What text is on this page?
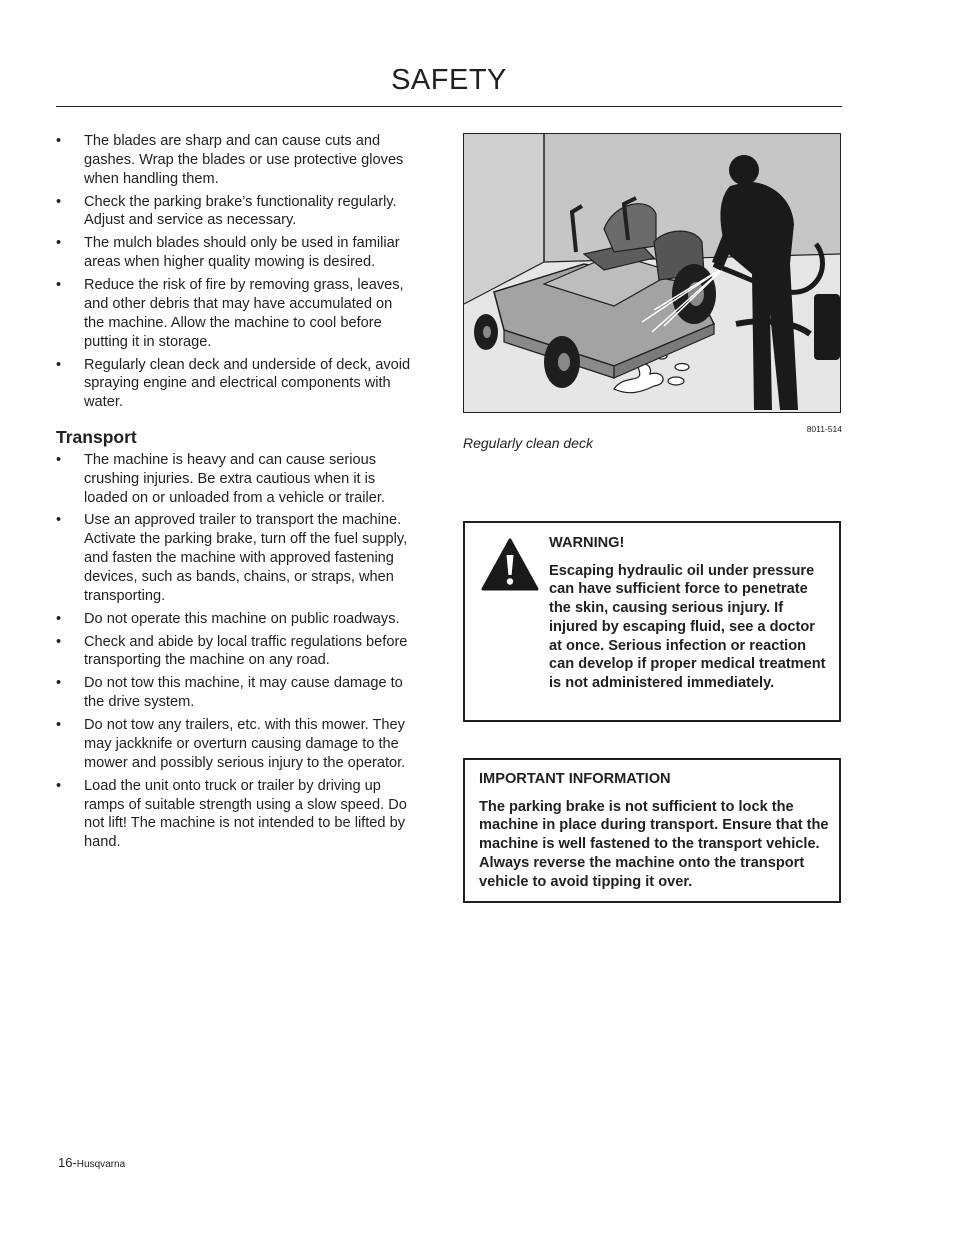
SAFETY
• The blades are sharp and can cause cuts and gashes. Wrap the blades or use protective gloves when handling them.
• Check the parking brake’s functionality regularly. Adjust and service as necessary.
• The mulch blades should only be used in familiar areas when higher quality mowing is desired.
• Reduce the risk of fire by removing grass, leaves, and other debris that may have accumulated on the machine. Allow the machine to cool before putting it in storage.
• Regularly clean deck and underside of deck, avoid spraying engine and electrical components with water.
Transport
• The machine is heavy and can cause serious crushing injuries. Be extra cautious when it is loaded on or unloaded from a vehicle or trailer.
• Use an approved trailer to transport the machine. Activate the parking brake, turn off the fuel supply, and fasten the machine with approved fastening devices, such as bands, chains, or straps, when transporting.
• Do not operate this machine on public roadways.
• Check and abide by local traffic regulations before transporting the machine on any road.
• Do not tow this machine, it may cause damage to the drive system.
• Do not tow any trailers, etc. with this mower. They may jackknife or overturn causing damage to the mower and possibly serious injury to the operator.
• Load the unit onto truck or trailer by driving up ramps of suitable strength using a slow speed. Do not lift! The machine is not intended to be lifted by hand.
8011-514
Regularly clean deck
WARNING!
Escaping hydraulic oil under pressure can have sufficient force to penetrate the skin, causing serious injury. If injured by escaping fluid, see a doctor at once. Serious infection or reaction can develop if proper medical treatment is not administered immediately.
IMPORTANT INFORMATION
The parking brake is not sufficient to lock the machine in place during transport. Ensure that the machine is well fastened to the transport vehicle. Always reverse the machine onto the transport vehicle to avoid tipping it over.
16-Husqvarna
